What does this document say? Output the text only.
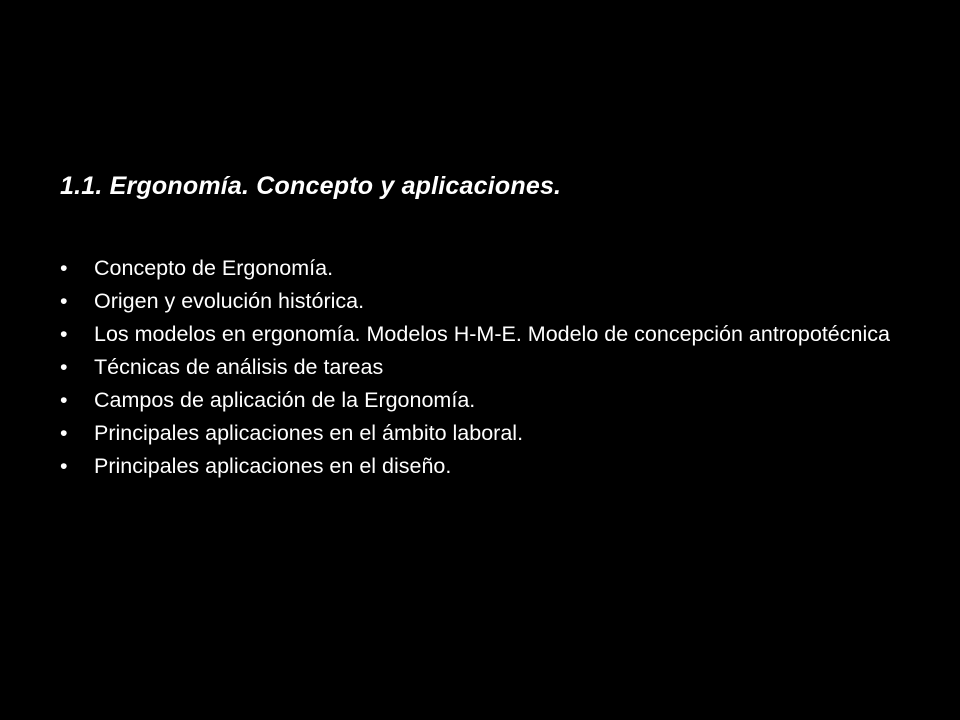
1.1. Ergonomía. Concepto y aplicaciones.
•	Concepto de Ergonomía.
•	Origen y evolución histórica.
•	Los modelos en ergonomía. Modelos H-M-E. Modelo de concepción antropotécnica
•	Técnicas de análisis de tareas
•	Campos de aplicación de la Ergonomía.
•	Principales aplicaciones en el ámbito laboral.
•	Principales aplicaciones en el diseño.
